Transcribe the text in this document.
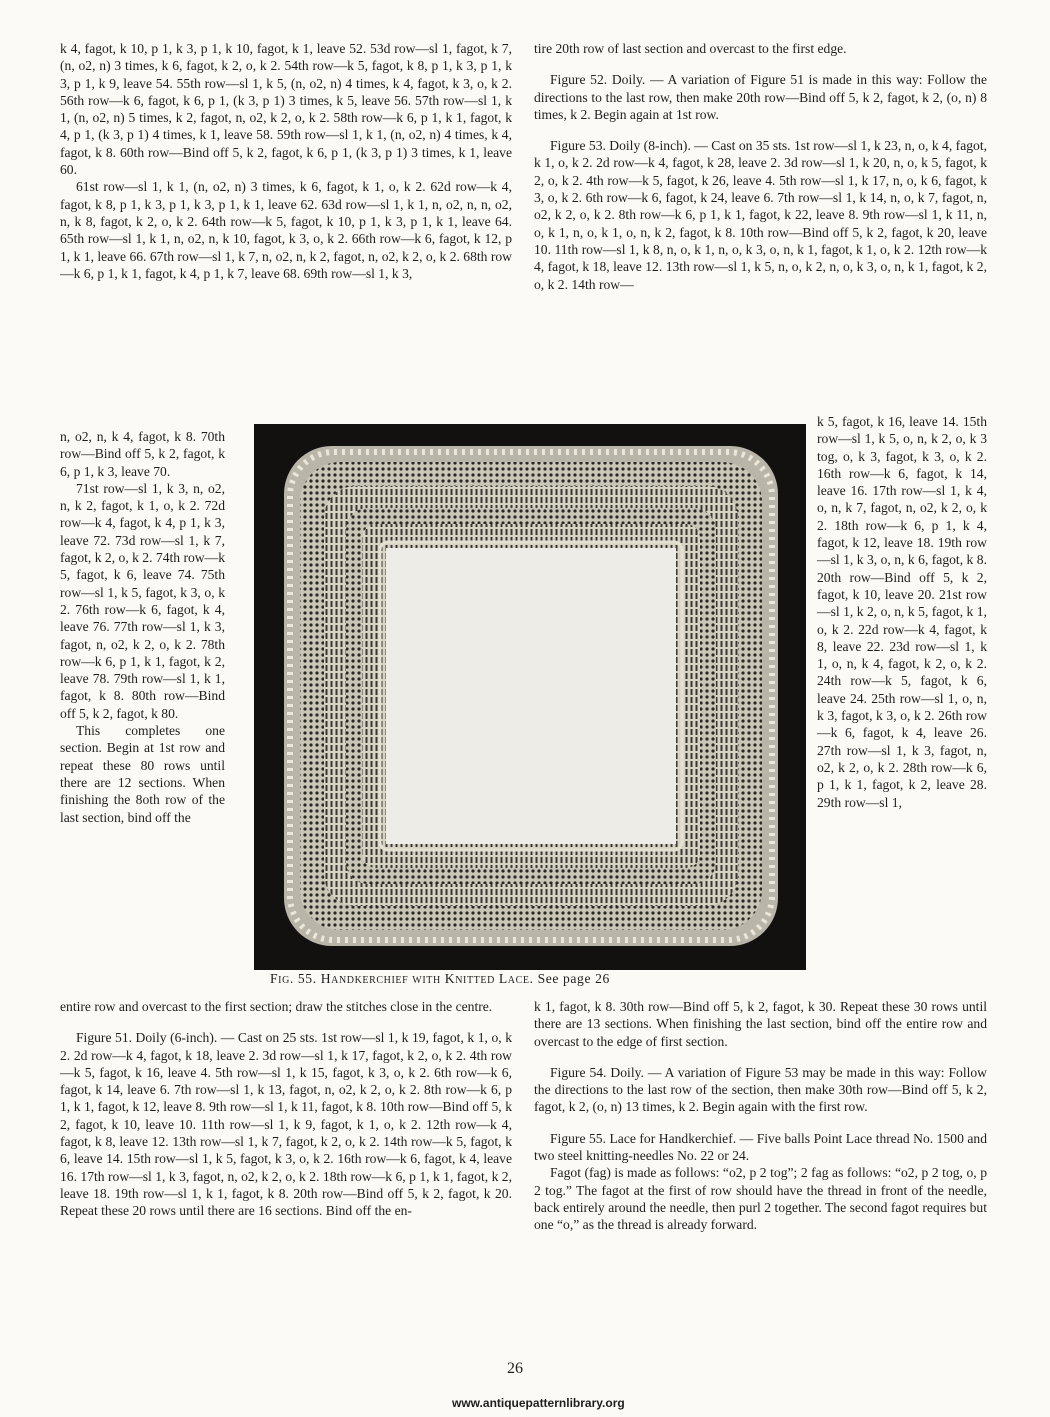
k 4, fagot, k 10, p 1, k 3, p 1, k 10, fagot, k 1, leave 52. 53d row—sl 1, fagot, k 7, (n, o2, n) 3 times, k 6, fagot, k 2, o, k 2. 54th row—k 5, fagot, k 8, p 1, k 3, p 1, k 3, p 1, k 9, leave 54. 55th row—sl 1, k 5, (n, o2, n) 4 times, k 4, fagot, k 3, o, k 2. 56th row—k 6, fagot, k 6, p 1, (k 3, p 1) 3 times, k 5, leave 56. 57th row—sl 1, k 1, (n, o2, n) 5 times, k 2, fagot, n, o2, k 2, o, k 2. 58th row—k 6, p 1, k 1, fagot, k 4, p 1, (k 3, p 1) 4 times, k 1, leave 58. 59th row—sl 1, k 1, (n, o2, n) 4 times, k 4, fagot, k 8. 60th row—Bind off 5, k 2, fagot, k 6, p 1, (k 3, p 1) 3 times, k 1, leave 60.

61st row—sl 1, k 1, (n, o2, n) 3 times, k 6, fagot, k 1, o, k 2. 62d row—k 4, fagot, k 8, p 1, k 3, p 1, k 3, p 1, k 1, leave 62. 63d row—sl 1, k 1, n, o2, n, n, o2, n, k 8, fagot, k 2, o, k 2. 64th row—k 5, fagot, k 10, p 1, k 3, p 1, k 1, leave 64. 65th row—sl 1, k 1, n, o2, n, k 10, fagot, k 3, o, k 2. 66th row—k 6, fagot, k 12, p 1, k 1, leave 66. 67th row—sl 1, k 7, n, o2, n, k 2, fagot, n, o2, k 2, o, k 2. 68th row—k 6, p 1, k 1, fagot, k 4, p 1, k 7, leave 68. 69th row—sl 1, k 3,

n, o2, n, k 4, fagot, k 8. 70th row—Bind off 5, k 2, fagot, k 6, p 1, k 3, leave 70.

71st row—sl 1, k 3, n, o2, n, k 2, fagot, k 1, o, k 2. 72d row—k 4, fagot, k 4, p 1, k 3, leave 72. 73d row—sl 1, k 7, fagot, k 2, o, k 2. 74th row—k 5, fagot, k 6, leave 74. 75th row—sl 1, k 5, fagot, k 3, o, k 2. 76th row—k 6, fagot, k 4, leave 76. 77th row—sl 1, k 3, fagot, n, o2, k 2, o, k 2. 78th row—k 6, p 1, k 1, fagot, k 2, leave 78. 79th row—sl 1, k 1, fagot, k 8. 80th row—Bind off 5, k 2, fagot, k 80.

This completes one section. Begin at 1st row and repeat these 80 rows until there are 12 sections. When finishing the 8oth row of the last section, bind off the

entire row and overcast to the first section; draw the stitches close in the centre.

Figure 51. Doily (6-inch). — Cast on 25 sts. 1st row—sl 1, k 19, fagot, k 1, o, k 2. 2d row—k 4, fagot, k 18, leave 2. 3d row—sl 1, k 17, fagot, k 2, o, k 2. 4th row—k 5, fagot, k 16, leave 4. 5th row—sl 1, k 15, fagot, k 3, o, k 2. 6th row—k 6, fagot, k 14, leave 6. 7th row—sl 1, k 13, fagot, n, o2, k 2, o, k 2. 8th row—k 6, p 1, k 1, fagot, k 12, leave 8. 9th row—sl 1, k 11, fagot, k 8. 10th row—Bind off 5, k 2, fagot, k 10, leave 10. 11th row—sl 1, k 9, fagot, k 1, o, k 2. 12th row—k 4, fagot, k 8, leave 12. 13th row—sl 1, k 7, fagot, k 2, o, k 2. 14th row—k 5, fagot, k 6, leave 14. 15th row—sl 1, k 5, fagot, k 3, o, k 2. 16th row—k 6, fagot, k 4, leave 16. 17th row—sl 1, k 3, fagot, n, o2, k 2, o, k 2. 18th row—k 6, p 1, k 1, fagot, k 2, leave 18. 19th row—sl 1, k 1, fagot, k 8. 20th row—Bind off 5, k 2, fagot, k 20. Repeat these 20 rows until there are 16 sections. Bind off the en-

tire 20th row of last section and overcast to the first edge.

Figure 52. Doily. — A variation of Figure 51 is made in this way: Follow the directions to the last row, then make 20th row—Bind off 5, k 2, fagot, k 2, (o, n) 8 times, k 2. Begin again at 1st row.

Figure 53. Doily (8-inch). — Cast on 35 sts. 1st row—sl 1, k 23, n, o, k 4, fagot, k 1, o, k 2. 2d row—k 4, fagot, k 28, leave 2. 3d row—sl 1, k 20, n, o, k 5, fagot, k 2, o, k 2. 4th row—k 5, fagot, k 26, leave 4. 5th row—sl 1, k 17, n, o, k 6, fagot, k 3, o, k 2. 6th row—k 6, fagot, k 24, leave 6. 7th row—sl 1, k 14, n, o, k 7, fagot, n, o2, k 2, o, k 2. 8th row—k 6, p 1, k 1, fagot, k 22, leave 8. 9th row—sl 1, k 11, n, o, k 1, n, o, k 1, o, n, k 2, fagot, k 8. 10th row—Bind off 5, k 2, fagot, k 20, leave 10. 11th row—sl 1, k 8, n, o, k 1, n, o, k 3, o, n, k 1, fagot, k 1, o, k 2. 12th row—k 4, fagot, k 18, leave 12. 13th row—sl 1, k 5, n, o, k 2, n, o, k 3, o, n, k 1, fagot, k 2, o, k 2. 14th row—

k 5, fagot, k 16, leave 14. 15th row—sl 1, k 5, o, n, k 2, o, k 3 tog, o, k 3, fagot, k 3, o, k 2. 16th row—k 6, fagot, k 14, leave 16. 17th row—sl 1, k 4, o, n, k 7, fagot, n, o2, k 2, o, k 2. 18th row—k 6, p 1, k 4, fagot, k 12, leave 18. 19th row—sl 1, k 3, o, n, k 6, fagot, k 8. 20th row—Bind off 5, k 2, fagot, k 10, leave 20. 21st row—sl 1, k 2, o, n, k 5, fagot, k 1, o, k 2. 22d row—k 4, fagot, k 8, leave 22. 23d row—sl 1, k 1, o, n, k 4, fagot, k 2, o, k 2. 24th row—k 5, fagot, k 6, leave 24. 25th row—sl 1, o, n, k 3, fagot, k 3, o, k 2. 26th row—k 6, fagot, k 4, leave 26. 27th row—sl 1, k 3, fagot, n, o2, k 2, o, k 2. 28th row—k 6, p 1, k 1, fagot, k 2, leave 28. 29th row—sl 1,

k 1, fagot, k 8. 30th row—Bind off 5, k 2, fagot, k 30. Repeat these 30 rows until there are 13 sections. When finishing the last section, bind off the entire row and overcast to the edge of first section.

Figure 54. Doily. — A variation of Figure 53 may be made in this way: Follow the directions to the last row of the section, then make 30th row—Bind off 5, k 2, fagot, k 2, (o, n) 13 times, k 2. Begin again with the first row.

Figure 55. Lace for Handkerchief. — Five balls Point Lace thread No. 1500 and two steel knitting-needles No. 22 or 24.

Fagot (fag) is made as follows: “o2, p 2 tog”; 2 fag as follows: “o2, p 2 tog, o, p 2 tog.” The fagot at the first of row should have the thread in front of the needle, back entirely around the needle, then purl 2 together. The second fagot requires but one “o,” as the thread is already forward.

Fig. 55. Handkerchief with Knitted Lace. See page 26
26
www.antiquepatternlibrary.org
